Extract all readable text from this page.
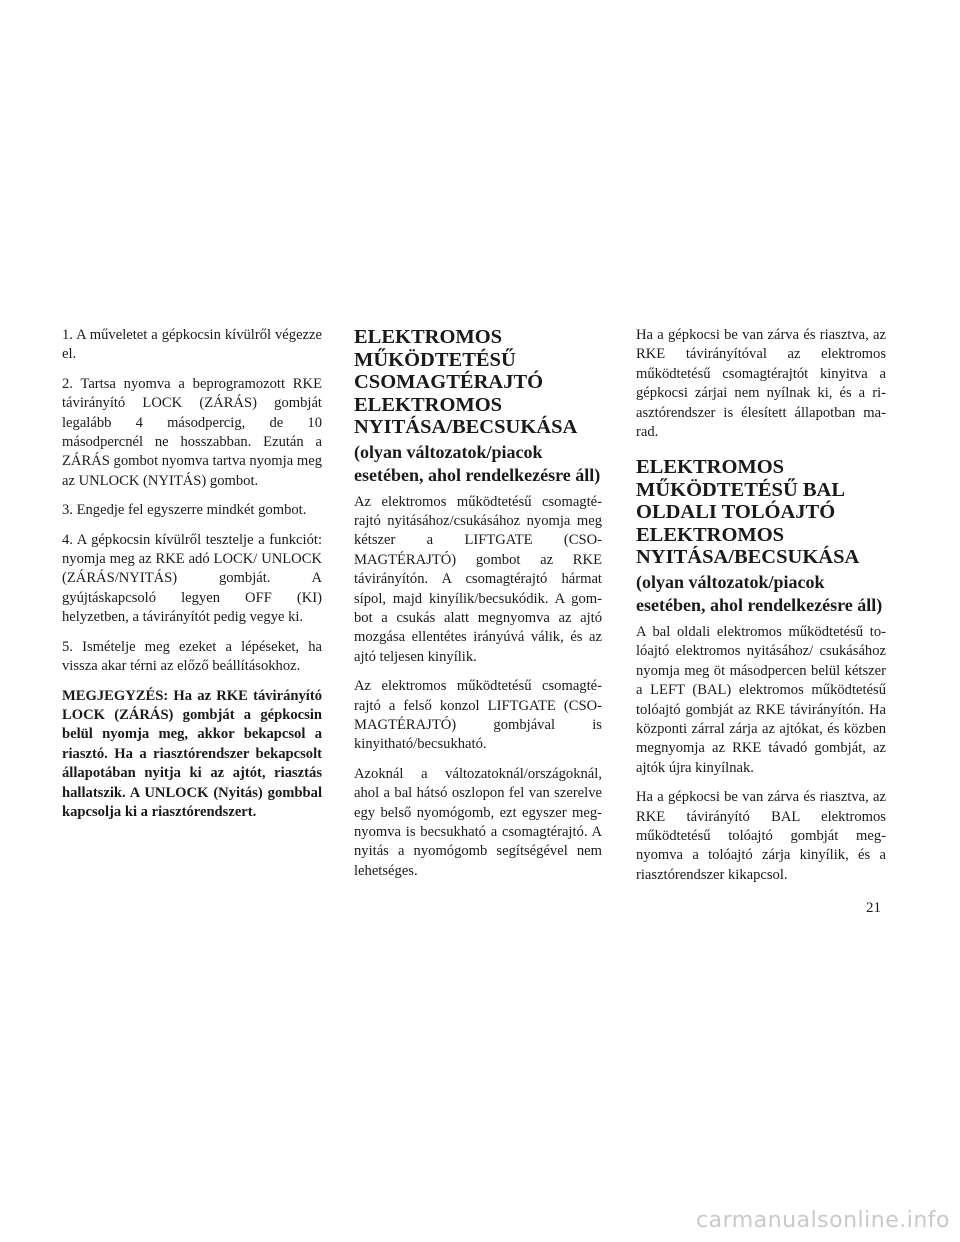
1. A műveletet a gépkocsin kívülről végezze el.

2. Tartsa nyomva a beprogramozott RKE távirányító LOCK (ZÁRÁS) gombját legalább 4 másodpercig, de 10 másodpercnél ne hosszabban. Ezután a ZÁRÁS gombot nyomva tartva nyomja meg az UNLOCK (NYITÁS) gombot.

3. Engedje fel egyszerre mindkét gombot.

4. A gépkocsin kívülről tesztelje a funkciót: nyomja meg az RKE adó LOCK/ UNLOCK (ZÁRÁS/NYITÁS) gombját. A gyújtáskapcsoló legyen OFF (KI) helyzetben, a távirányítót pedig vegye ki.

5. Ismételje meg ezeket a lépéseket, ha vissza akar térni az előző beállításokhoz.

MEGJEGYZÉS: Ha az RKE távirányító LOCK (ZÁRÁS) gombját a gépkocsin belül nyomja meg, akkor bekapcsol a riasztó. Ha a riasztórendszer bekapcsolt állapotában nyitja ki az ajtót, riasztás hallatszik. A UNLOCK (Nyitás) gombbal kapcsolja ki a riasztórendszert.

ELEKTROMOS MŰKÖDTETÉSŰ CSOMAGTÉRAJTÓ ELEKTROMOS NYITÁSA/BECSUKÁSA
(olyan változatok/piacok esetében, ahol rendelkezésre áll)

Az elektromos működtetésű csomagtérajtó nyitásához/csukásához nyomja meg kétszer a LIFTGATE (CSOMAGTÉRAJTÓ) gombot az RKE távirányítón. A csomagtérajtó hármat sípol, majd kinyílik/becsukódik. A gombot a csukás alatt megnyomva az ajtó mozgása ellentétes irányúvá válik, és az ajtó teljesen kinyílik.

Az elektromos működtetésű csomagtérajtó a felső konzol LIFTGATE (CSOMAGTÉRAJTÓ) gombjával is kinyitható/becsukható.

Azoknál a változatoknál/országoknál, ahol a bal hátsó oszlopon fel van szerelve egy belső nyomógomb, ezt egyszer megnyomva is becsukható a csomagtérajtó. A nyitás a nyomógomb segítségével nem lehetséges.

Ha a gépkocsi be van zárva és riasztva, az RKE távirányítóval az elektromos működtetésű csomagtérajtót kinyitva a gépkocsi zárjai nem nyílnak ki, és a riasztórendszer is élesített állapotban marad.

ELEKTROMOS MŰKÖDTETÉSŰ BAL OLDALI TOLÓAJTÓ ELEKTROMOS NYITÁSA/BECSUKÁSA
(olyan változatok/piacok esetében, ahol rendelkezésre áll)

A bal oldali elektromos működtetésű tolóajtó elektromos nyitásához/ csukásához nyomja meg öt másodpercen belül kétszer a LEFT (BAL) elektromos működtetésű tolóajtó gombját az RKE távirányítón. Ha központi zárral zárja az ajtókat, és közben megnyomja az RKE távadó gombját, az ajtók újra kinyílnak.

Ha a gépkocsi be van zárva és riasztva, az RKE távirányító BAL elektromos működtetésű tolóajtó gombját megnyomva a tolóajtó zárja kinyílik, és a riasztórendszer kikapcsol.

21
carmanualsonline.info
